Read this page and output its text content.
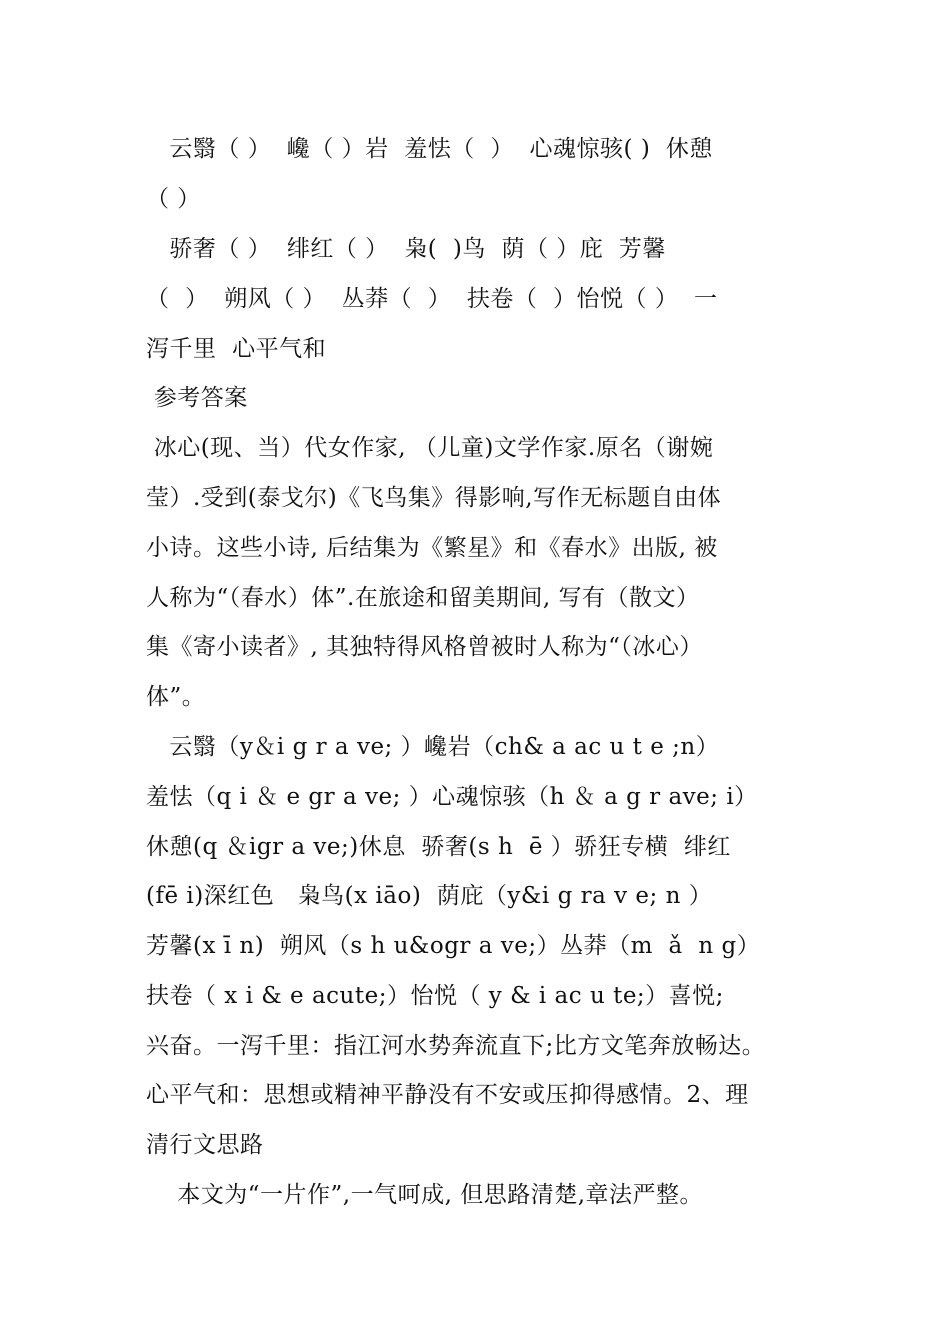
云翳（ ）  巉（ ）岩  羞怯（  ）  心魂惊骇( )  休憩
（ ）
骄奢（ ）  绯红（ ）  枭(  )鸟  荫（ ）庇  芳馨
（  ）  朔风（ ）  丛莽（  ）  扶卷（  ）怡悦（ ）  一
泻千里  心平气和
参考答案
冰心(现、当）代女作家, （儿童)文学作家.原名（谢婉
莹）.受到(泰戈尔)《飞鸟集》得影响,写作无标题自由体
小诗。这些小诗, 后结集为《繁星》和《春水》出版, 被
人称为“（春水）体”.在旅途和留美期间, 写有（散文）
集《寄小读者》, 其独特得风格曾被时人称为“（冰心）
体”。
云翳（y＆i g r a ve; ）巉岩（ch& a ac u t e ;n）
羞怯（q i ＆ e gr a ve; ）心魂惊骇（h ＆ a g r ave; i）
休憩(q ＆igr a ve;)休息  骄奢(s h  ē ）骄狂专横  绯红
(fē i)深红色   枭鸟(x iāo)  荫庇（y&i g ra v e; n ）
芳馨(x ī n)  朔风（s h u&ogr a ve;）丛莽（m  ǎ  n g）
扶卷（ x i & e acute;）怡悦（ y & i ac u te;）喜悦;
兴奋。一泻千里：指江河水势奔流直下;比方文笔奔放畅达。
心平气和：思想或精神平静没有不安或压抑得感情。2、理
清行文思路
本文为“一片作”,一气呵成, 但思路清楚,章法严整。
